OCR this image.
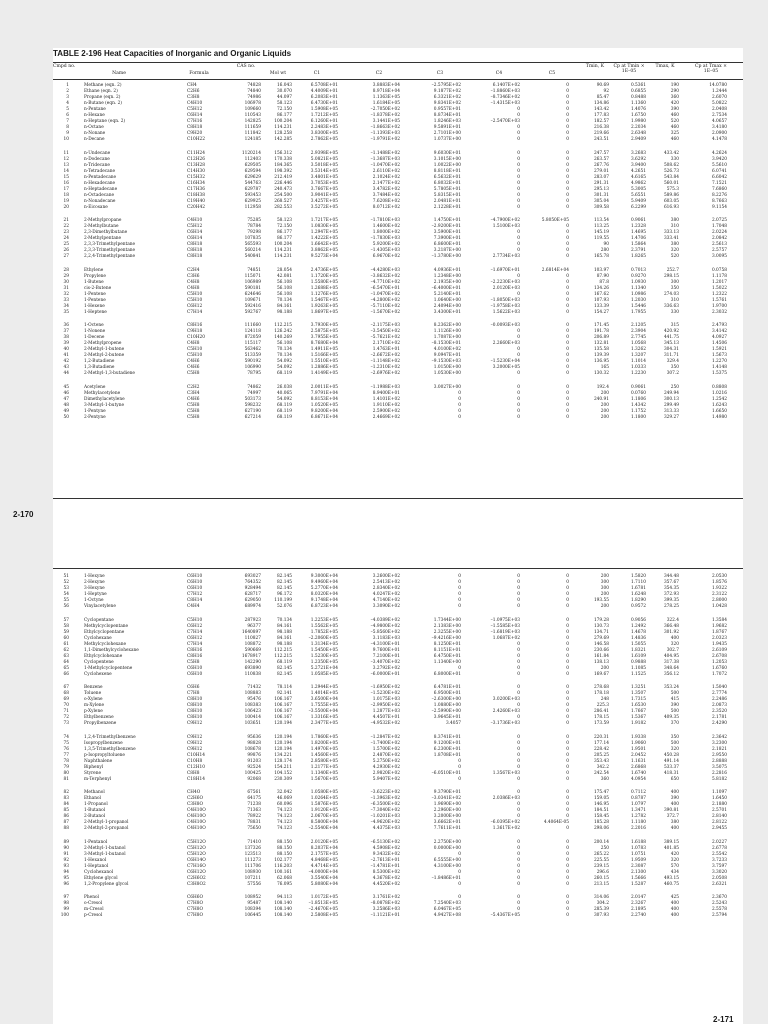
TABLE 2-196 Heat Capacities of Inorganic and Organic Liquids
Cmpd no.
Name	Formula
CAS no.
Mol wt	C1	C2	C3	C4	C5
Tmin, K	Cp at Tmin × 1E–05
Tmax, K	Cp at Tmax × 1E–05
1	Methane (eqn. 2)	CH4	74828	16.043	6.5708E+01	3.8883E+04	–2.5795E+02	6.1407E+02	0	90.69	0.5361	190	14.0780
2	Ethane (eqn. 2)	C2H6	74840	30.070	4.4009E+01	8.9718E+04	9.1877E+02	–1.8860E+03	0	92	0.6855	290	1.2444
3	Propane (eqn. 2)	C3H8	74986	44.097	6.2083E+01	1.1363E+05	6.3321E+02	–8.7346E+02	0	85.47	0.8488	360	2.6070
4	n-Butane (eqn. 2)	C4H10	106978	58.123	6.4730E+01	1.6184E+05	9.8341E+02	–1.4315E+03	0	134.86	1.1360	420	5.0822
5	n-Pentane	C5H12	109660	72.150	1.5908E+05	–2.7050E+02	0.9557E+01	0	0	143.42	1.4076	390	2.0408
6	n-Hexane	C6H14	110543	86.177	1.7212E+05	–1.8378E+02	8.8734E+01	0	0	177.83	1.6750	460	2.7534
7	n-Heptane (eqn. 2)	C7H16	142825	100.204	6.1260E+01	3.1441E+05	1.8246E+03	–2.5470E+03	0	182.57	1.9980	520	4.0657
8	n-Octane	C8H18	111659	114.231	2.2483E+05	–1.8663E+02	9.5891E+01	0	0	216.38	2.2034	460	3.4180
9	n-Nonane	C9H20	111842	128.258	3.8300E+05	–1.1393E+03	2.7101E+00	0	0	219.66	2.6348	325	2.0900
10	n-Decane	C10H22	124185	142.285	2.7862E+05	–1.9791E+02	1.0737E+00	0	0	243.51	2.9409	460	4.1478
11	n-Undecane	C11H24	1120214	156.312	2.9398E+05	–1.1488E+02	9.6030E+01	0	0	247.57	3.2683	433.42	4.2624
12	n-Dodecane	C12H26	112403	170.338	5.0821E+05	–1.3687E+03	3.1015E+00	0	0	263.57	3.6292	330	3.9420
13	n-Tridecane	C13H28	629505	184.365	3.5018E+05	–1.0470E+02	1.0022E+00	0	0	267.76	3.9400	508.62	5.5610
14	n-Tetradecane	C14H30	629594	198.392	3.5314E+05	2.6110E+02	8.8118E+01	0	0	279.01	4.2651	526.73	6.0741
15	n-Pentadecane	C15H32	629629	212.419	3.4801E+05	2.1024E+02	6.5632E+01	0	0	283.07	4.6165	543.84	6.6042
16	n-Hexadecane	C16H34	544763	226.446	3.7053E+05	2.1477E+02	6.8032E+01	0	0	291.31	4.9862	560.01	7.1521
17	n-Heptadecane	C17H36	629787	240.473	3.7667E+05	3.4782E+02	5.7805E+01	0	0	295.13	5.3005	575.3	7.6860
18	n-Octadecane	C18H38	593453	254.500	3.9041E+05	3.7484E+02	5.8315E+01	0	0	301.31	5.6551	589.86	8.2276
19	n-Nonadecane	C19H40	629925	268.527	3.4257E+05	7.6208E+02	2.0481E+01	0	0	305.04	5.9409	603.05	8.7663
20	n-Eicosane	C20H42	112958	282.553	3.5272E+05	8.0712E+02	2.1228E+01	0	0	309.58	6.2299	616.93	9.1154
21	2-Methylpropane	C4H10	75285	58.123	1.7217E+05	–1.7810E+03	1.4750E+01	–4.7900E+02	5.8050E+05	113.54	0.9061	380	2.0725
22	2-Methylbutane	C5H12	78784	72.150	1.0830E+05	1.4600E+02	–2.9200E+01	1.5100E+03	0	113.25	1.2328	310	1.7048
23	2,3-Dimethylbutane	C6H14	79298	86.177	1.2947E+05	1.8000E+02	3.5900E+01	0	0	145.19	1.4695	333.13	2.0224
24	2-Methylpentane	C6H14	107835	86.177	1.4222E+05	–1.7830E+03	7.3900E+01	0	0	119.55	1.4706	333.41	2.0842
25	2,3,3-Trimethylpentane	C8H18	565593	100.204	1.6642E+05	5.9200E+02	6.8600E+01	0	0	90	1.5864	380	2.5613
26	2,3,3-Trimethylpentane	C8H18	560214	114.231	3.8862E+05	–1.4305E+03	3.2187E+00	0	0	280	2.3791	320	2.5757
27	2,2,4-Trimethylpentane	C8H18	540841	114.231	9.5273E+04	6.9670E+02	–1.3780E+00	2.7734E+03	0	165.78	1.8265	520	3.0095
28	Ethylene	C2H4	74851	28.054	2.4736E+05	–4.4280E+03	4.0936E+01	–1.6970E+01	2.6814E+04	103.97	0.7013	252.7	0.0758
29	Propylene	C3H6	115071	42.081	1.1720E+05	–3.8632E+02	1.2348E+00	0	0	87.90	0.9270	298.15	1.1178
30	1-Butene	C4H8	106989	56.108	1.5580E+05	–4.7710E+02	2.1935E+00	–2.2230E+03	0	87.8	1.0930	300	1.2017
31	cis-2-Butene	C4H8	590181	56.108	1.2688E+05	–6.5470E+01	–6.4000E+01	2.0120E+03	0	134.26	1.1340	350	1.5022
32	1-Pentene	C5H10	624646	56.108	1.1276E+05	–1.0470E+02	5.2140E+01	0	0	167.62	1.0986	274.03	1.2322
33	1-Pentene	C5H10	109671	70.134	1.5467E+05	–4.2800E+02	1.0640E+00	–1.8050E+03	0	107.93	1.2030	310	1.5761
34	1-Hexene	C6H12	592416	84.161	1.9263E+05	–5.7110E+02	2.4094E+00	–1.9758E+03	0	133.39	1.5446	336.63	1.9700
35	1-Heptene	C7H14	592767	98.188	1.8697E+05	–1.5670E+02	3.4300E+01	1.5622E+03	0	154.27	1.7955	330	2.3032
36	1-Octene	C8H16	111660	112.215	3.7930E+05	–2.1175E+03	8.2362E+00	–0.0093E+03	0	171.45	2.1205	315	2.4793
37	1-Nonene	C9H18	124118	126.242	2.5875E+05	–3.5450E+02	1.1126E+00	0	0	191.78	2.3904	420.92	3.4142
38	1-Decene	C10H20	872059	140.269	3.7955E+05	–5.7621E+02	1.7087E+00	0	0	206.89	2.7745	441.75	4.0927
39	2-Methylpropene	C4H8	115117	56.108	8.7680E+04	2.1710E+02	–8.1530E+01	2.2660E+03	0	132.81	1.0568	345.13	1.4506
40	2-Methyl-1-butene	C5H10	563462	70.134	1.4911E+05	1.4763E+01	4.0100E+02	0	0	135.58	1.3262	304.31	1.5921
41	2-Methyl-2-butene	C5H10	513359	70.134	1.5166E+05	–2.6672E+02	9.0947E+01	0	0	139.39	1.3207	311.71	1.5673
42	1,2-Butadiene	C4H6	590192	54.092	1.5510E+05	–1.1148E+02	–9.1530E+03	–1.5230E+04	0	136.95	1.1014	329.4	1.2270
43	1,3-Butadiene	C4H6	106990	54.092	1.2886E+05	–1.2310E+02	1.0150E+00	3.2000E+05	0	165	1.0333	350	1.4148
44	2-Methyl-1,3-butadiene	C5H8	78795	68.119	1.4149E+05	–2.6976E+02	1.0530E+00	0	0	130.32	1.2230	307.2	1.5375
45	Acetylene	C2H2	74862	26.038	2.0011E+05	–1.1988E+03	3.0027E+00	0	0	192.4	0.9061	250	0.8808
46	Methylacetylene	C3H4	74997	40.065	7.9791E+04	8.9400E+01	0	0	0	200	0.0760	249.94	1.0216
47	Dimethylacetylene	C4H6	503173	54.092	8.8153E+04	1.4101E+02	0	0	0	240.91	1.1806	300.13	1.2542
48	3-Methyl-1-butyne	C5H8	598232	68.119	1.0520E+05	1.9110E+02	0	0	0	200	1.4342	299.49	1.6243
49	1-Pentyne	C5H8	627190	68.119	9.8200E+04	2.5900E+02	0	0	0	200	1.1752	313.33	1.6650
50	2-Pentyne	C5H8	627214	68.119	6.8671E+04	2.4669E+02	0	0	0	200	1.1800	329.27	1.4980
2-170
51	1-Hexyne	C6H10	693027	82.145	9.3000E+04	3.2600E+02	0	0	0	200	1.5820	344.48	2.0530
52	2-Hexyne	C6H10	764352	82.145	9.4960E+04	2.5413E+02	0	0	0	300	1.7110	357.67	1.8576
53	3-Hexyne	C6H10	928494	82.145	5.2770E+04	2.8340E+02	0	0	0	300	1.6781	354.35	1.9322
54	1-Heptyne	C7H12	628717	96.172	8.0320E+04	4.0247E+02	0	0	0	200	1.6248	372.93	2.3122
55	1-Octyne	C8H14	629050	110.199	9.1748E+04	4.7140E+02	0	0	0	193.55	1.8290	399.35	2.8000
56	Vinylacetylene	C4H4	689974	52.076	6.8723E+04	3.3090E+02	0	0	0	200	0.9572	278.25	1.0428
57	Cyclopentane	C5H10	287923	70.134	1.2253E+05	–4.0389E+02	1.7344E+00	–1.0975E+03	0	179.28	0.9056	322.4	1.3584
58	Methylcyclopentane	C6H12	96377	84.161	1.5562E+05	–4.9800E+02	2.1383E+00	–1.5585E+03	0	130.73	1.2492	366.48	1.9682
59	Ethylcyclopentane	C7H14	1640897	98.188	1.7852E+05	–5.8560E+02	2.3255E+00	–1.6819E+03	0	134.71	1.4678	301.92	1.8767
60	Cyclohexane	C6H12	110827	84.161	–2.2060E+05	3.1183E+03	–9.4216E+00	1.0687E+02	0	279.69	1.4836	400	2.0323
61	Methylcyclohexane	C7H14	108872	98.188	1.3134E+05	–4.3100E+01	8.1250E+01	0	0	146.58	1.5055	320	1.9435
62	1,1-Dimethylcyclohexane	C8H16	590669	112.215	1.5450E+05	9.7600E+01	8.1151E+01	0	0	230.66	1.8321	302.7	2.6109
63	Ethylcyclohexane	C8H16	1678917	112.215	1.5230E+05	7.2100E+01	6.4750E+01	0	0	161.84	1.6109	404.95	2.6708
64	Cyclopentene	C5H8	142290	68.119	1.2350E+05	–3.4070E+02	1.1340E+00	0	0	138.13	0.9888	317.38	1.2053
65	1-Methylcyclopentene	C6H10	693890	82.145	5.2721E+04	3.2792E+02	0	0	0	200	1.1085	348.64	1.6760
66	Cyclohexene	C6H10	110838	82.145	1.0585E+05	–6.0000E+01	6.8000E+01	0	0	169.67	1.1525	356.12	1.7072
67	Benzene	C6H6	71432	78.114	1.2944E+05	–1.6950E+02	6.4781E+01	0	0	278.68	1.3251	353.24	1.5040
68	Toluene	C7H8	108883	92.141	1.4014E+05	–1.5230E+02	6.9500E+01	0	0	178.18	1.3507	500	2.7774
69	o-Xylene	C8H10	95476	106.167	3.6500E+04	1.0175E+03	–2.6300E+00	3.0200E+03	0	248	1.7315	415	2.2486
70	m-Xylene	C8H10	108383	106.167	1.7555E+05	–2.9950E+02	1.0880E+00	0	0	225.3	1.6530	390	2.0873
71	p-Xylene	C8H10	106423	106.167	–3.5500E+04	1.2877E+03	–2.5990E+00	2.4260E+03	0	286.41	1.7667	500	2.3520
72	Ethylbenzene	C8H10	100414	106.167	1.3316E+05	4.4507E+01	3.9645E+01	0	0	178.15	1.5367	409.35	2.1781
73	Propylbenzene	C9H12	103651	120.194	2.3477E+05	–4.9532E+02	3.4057	–3.1736E+03	0	173.59	1.9182	370	2.4290
74	1,2,4-Trimethylbenzene	C9H12	95636	120.194	1.7860E+05	–1.2847E+02	8.3741E+01	0	0	220.31	1.9338	350	2.3642
75	Isopropylbenzene	C9H12	98828	120.194	1.8200E+05	–1.7400E+02	9.1200E+01	0	0	177.14	1.9060	500	3.2300
76	1,3,5-Trimethylbenzene	C9H12	108678	120.194	1.4970E+05	1.5700E+02	6.2300E+01	0	0	228.42	1.9501	320	2.1821
77	p-Isopropyltoluene	C10H14	99876	134.221	1.4560E+05	2.4870E+02	1.8708E+01	0	0	205.25	2.0452	450.28	2.9550
78	Naphthalene	C10H8	91203	128.174	2.8580E+05	5.2750E+02	0	0	0	353.43	1.1631	491.14	2.8888
79	Biphenyl	C12H10	92524	154.211	1.2177E+05	4.2930E+02	0	0	0	342.2	2.6868	533.37	3.5075
80	Styrene	C8H8	100425	104.152	1.1340E+05	2.9820E+02	–6.0510E+01	1.3567E+03	0	242.54	1.6740	418.31	2.2816
81	m-Terphenyl	C18H14	92068	230.309	1.5670E+05	5.9407E+02	0	0	0	360	4.0954	650	5.8182
82	Methanol	CH4O	67561	32.042	1.0580E+05	–3.6223E+02	9.3790E+01	0	0	175.47	0.7112	400	1.1097
83	Ethanol	C2H6O	64175	46.069	1.0264E+05	–1.3963E+02	–3.0341E+02	2.0386E+03	0	159.05	0.8787	390	1.6450
84	1-Propanol	C3H8O	71238	60.096	1.5876E+05	–6.3500E+02	1.9690E+00	0	0	146.95	1.0797	400	2.1880
85	1-Butanol	C4H10O	71363	74.123	1.9120E+05	–7.3040E+02	2.2960E+00	0	0	184.51	1.3471	390.81	2.5701
86	2-Butanol	C4H10O	78922	74.123	2.0670E+05	–1.0201E+03	3.2000E+00	0	0	158.45	1.2782	372.7	2.8140
87	2-Methyl-1-propanol	C4H10O	78831	74.123	8.5800E+04	–4.9620E+02	3.6662E+01	–6.0395E+02	4.4064E-05	185.28	1.1180	380	2.8122
88	2-Methyl-2-propanol	C4H10O	75650	74.123	–2.5540E+04	4.4375E+03	7.7611E+01	1.3617E+02	0	298.06	2.2016	400	2.9455
89	1-Pentanol	C5H12O	71410	88.150	2.0120E+05	–6.5130E+02	2.2750E+00	0	0	200.14	1.6188	389.15	2.0227
90	2-Methyl-1-butanol	C5H12O	137326	88.150	8.2037E+04	4.5908E+02	0.0000E+00	0	0	250	1.0783	401.85	2.6778
91	3-Methyl-1-butanol	C5H12O	123513	88.150	2.1757E+05	9.3432E+02	0	0	0	265.22	1.0751	420	2.5542
92	1-Hexanol	C6H14O	111273	102.177	4.8468E+05	–2.7613E+01	6.5555E+00	0	0	225.55	1.9509	320	3.7233
93	1-Heptanol	C7H16O	111706	116.203	4.4714E+05	–1.4781E+01	4.3100E+00	0	0	239.15	2.3087	570	3.7597
94	Cyclohexanol	C6H12O	108930	100.161	–4.0000E+04	8.5300E+02	0	0	0	296.6	2.1300	434	3.3020
95	Ethylene glycol	C2H6O2	107211	62.068	3.5540E+04	4.3678E+02	–1.8486E+01	0	0	260.15	1.5666	493.15	2.0508
96	1,2-Propylene glycol	C3H8O2	57556	76.095	5.8080E+04	4.4520E+02	0	0	0	213.15	1.5287	460.75	2.6321
97	Phenol	C6H6O	108952	94.113	1.0172E+05	3.1761E+02	0	0	0	314.06	2.0147	425	2.3670
98	o-Cresol	C7H8O	95487	108.140	–1.8513E+05	–8.0878E+02	7.2540E+03	0	0	304.2	2.3267	400	2.5243
99	m-Cresol	C7H8O	108394	108.140	–2.4670E+05	3.2586E+03	6.0467E+05	0	0	285.39	2.1895	400	2.5578
100	p-Cresol	C7H8O	106445	108.140	2.5808E+05	–1.1121E+01	4.9427E+08	–5.4367E+05	0	307.93	2.2740	400	2.5794
2-171
